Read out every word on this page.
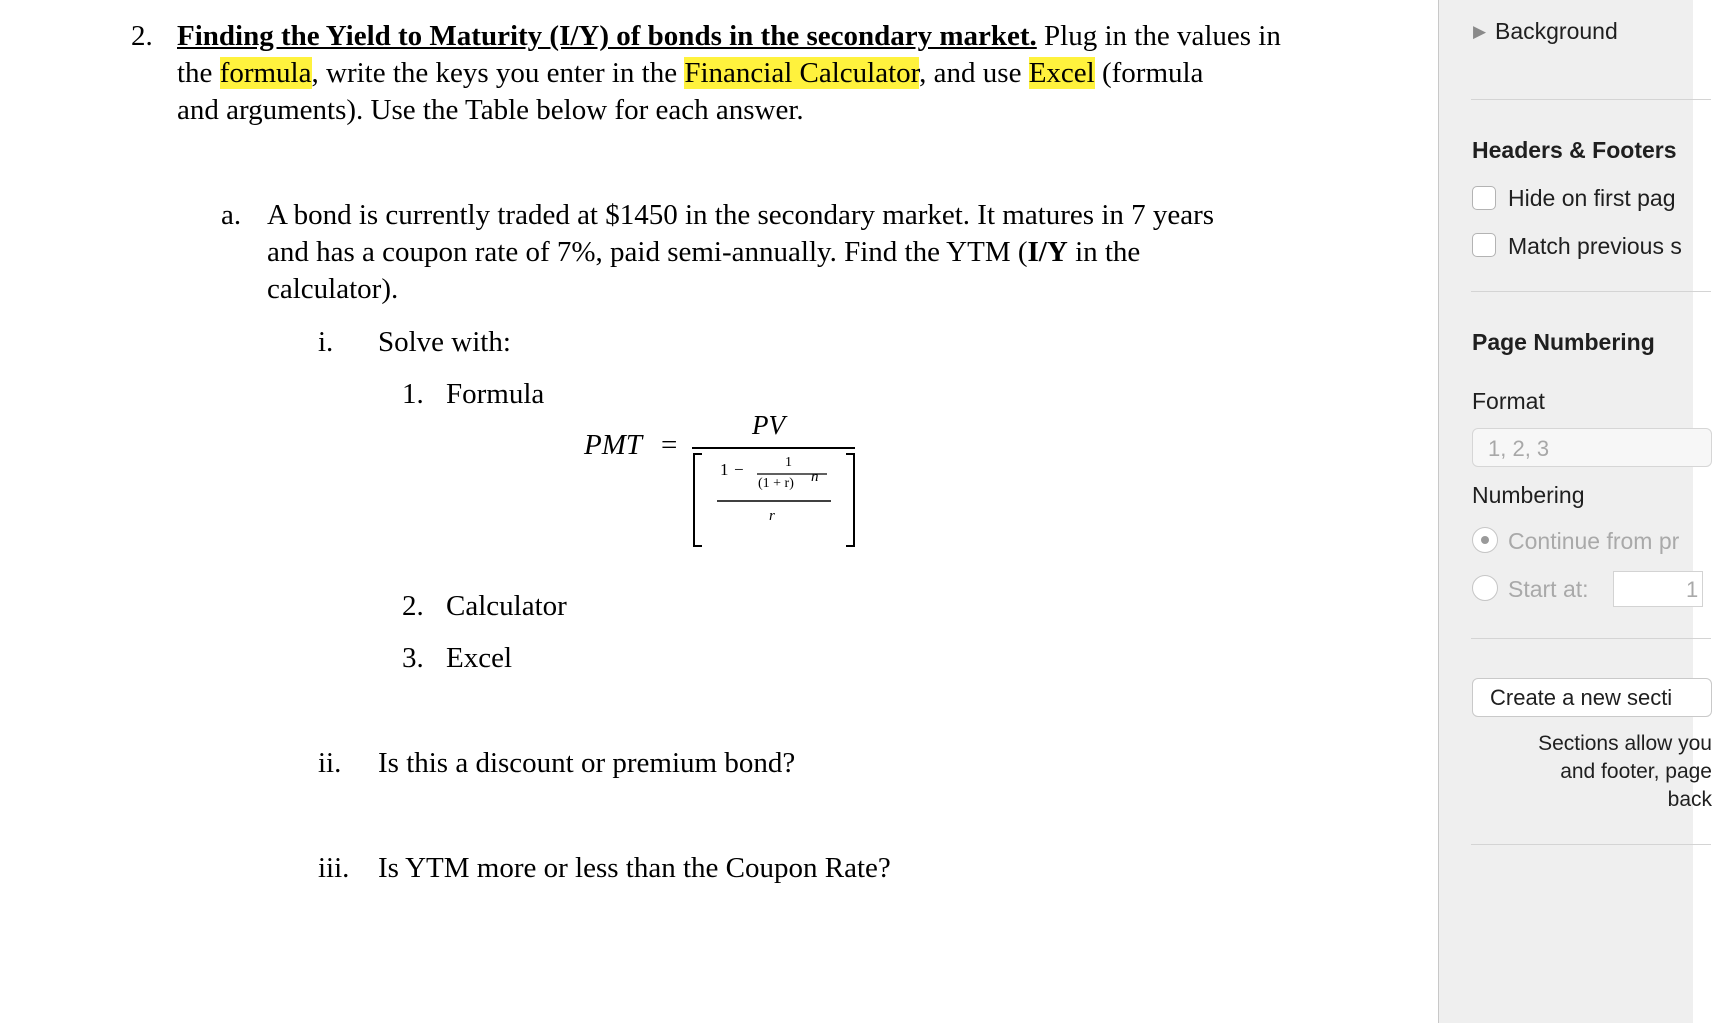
2. Finding the Yield to Maturity (I/Y) of bonds in the secondary market. Plug in the values in
the formula, write the keys you enter in the Financial Calculator, and use Excel (formula
and arguments). Use the Table below for each answer.
a. A bond is currently traded at $1450 in the secondary market. It matures in 7 years
and has a coupon rate of 7%, paid semi-annually. Find the YTM (I/Y in the
calculator).
i. Solve with:
1. Formula
PMT =
PV
1 −	1
(1 + r) n
r
2. Calculator
3. Excel
ii. Is this a discount or premium bond?
iii. Is YTM more or less than the Coupon Rate?
▶ Background
Headers & Footers
Hide on first pag
Match previous s
Page Numbering
Format
1, 2, 3
Numbering
Continue from pr
Start at:	1
Create a new secti
Sections allow you
and footer, page
back
